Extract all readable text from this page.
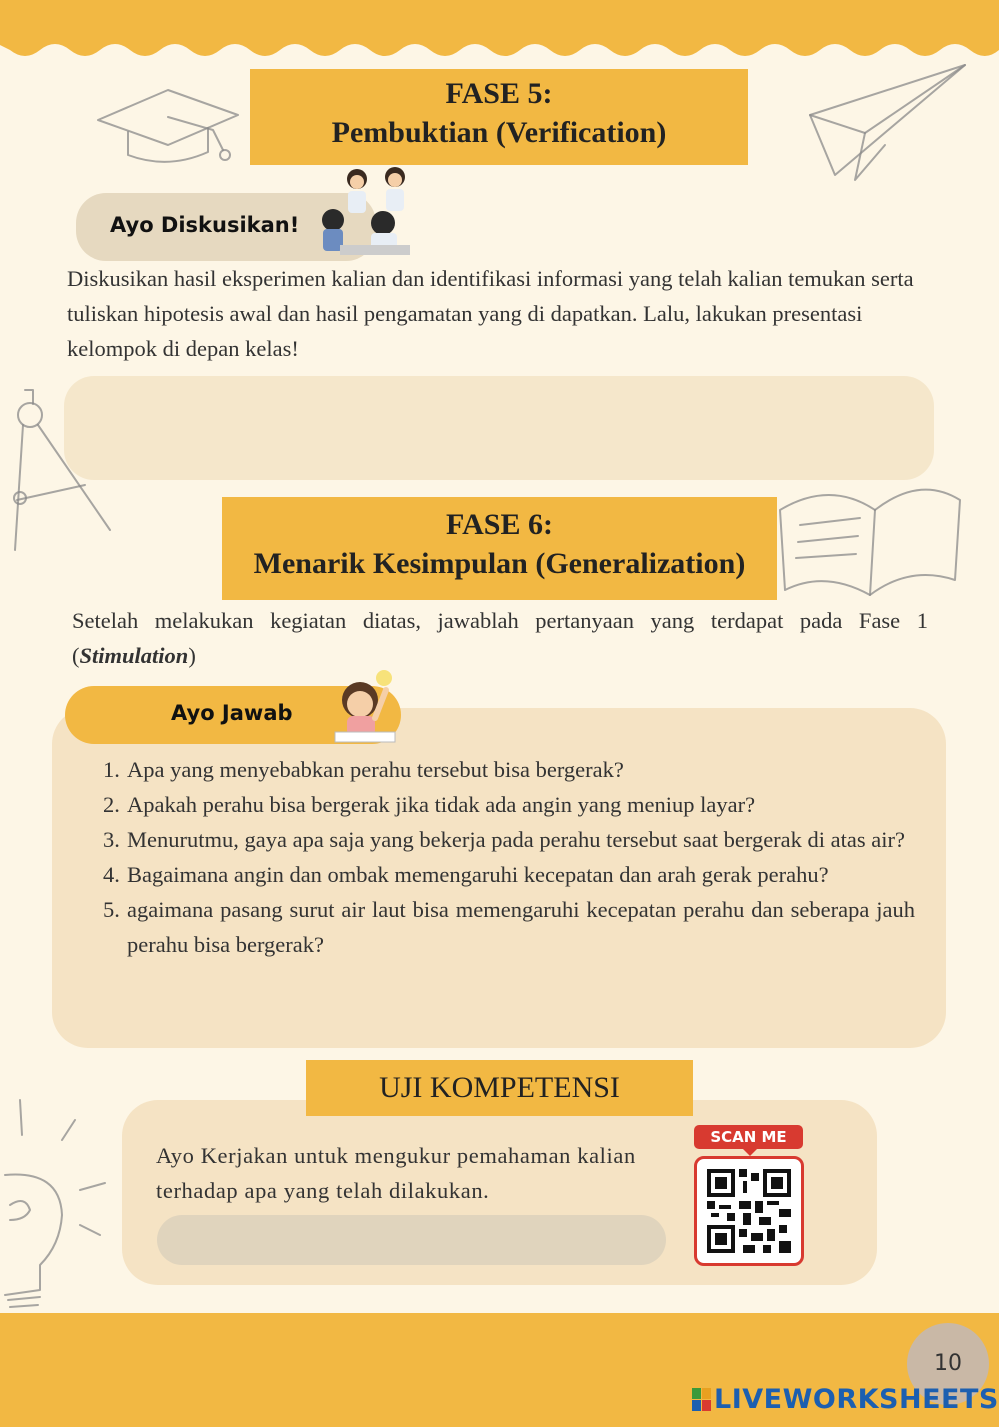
FASE 5:
Pembuktian (Verification)
Ayo Diskusikan!
Diskusikan hasil eksperimen kalian dan identifikasi informasi yang telah kalian temukan serta tuliskan hipotesis awal dan hasil pengamatan yang di dapatkan. Lalu, lakukan presentasi kelompok di depan kelas!
FASE 6:
Menarik Kesimpulan (Generalization)
Setelah melakukan kegiatan diatas, jawablah pertanyaan yang terdapat pada Fase 1 (Stimulation)
Ayo Jawab
1. Apa yang menyebabkan perahu tersebut bisa bergerak?
2. Apakah perahu bisa bergerak jika tidak ada angin yang meniup layar?
3. Menurutmu, gaya apa saja yang bekerja pada perahu tersebut saat bergerak di atas air?
4. Bagaimana angin dan ombak memengaruhi kecepatan dan arah gerak perahu?
5. agaimana pasang surut air laut bisa memengaruhi kecepatan perahu dan seberapa jauh perahu bisa bergerak?
UJI KOMPETENSI
Ayo Kerjakan untuk mengukur pemahaman kalian terhadap apa yang telah dilakukan.
SCAN ME
10
LIVEWORKSHEETS
